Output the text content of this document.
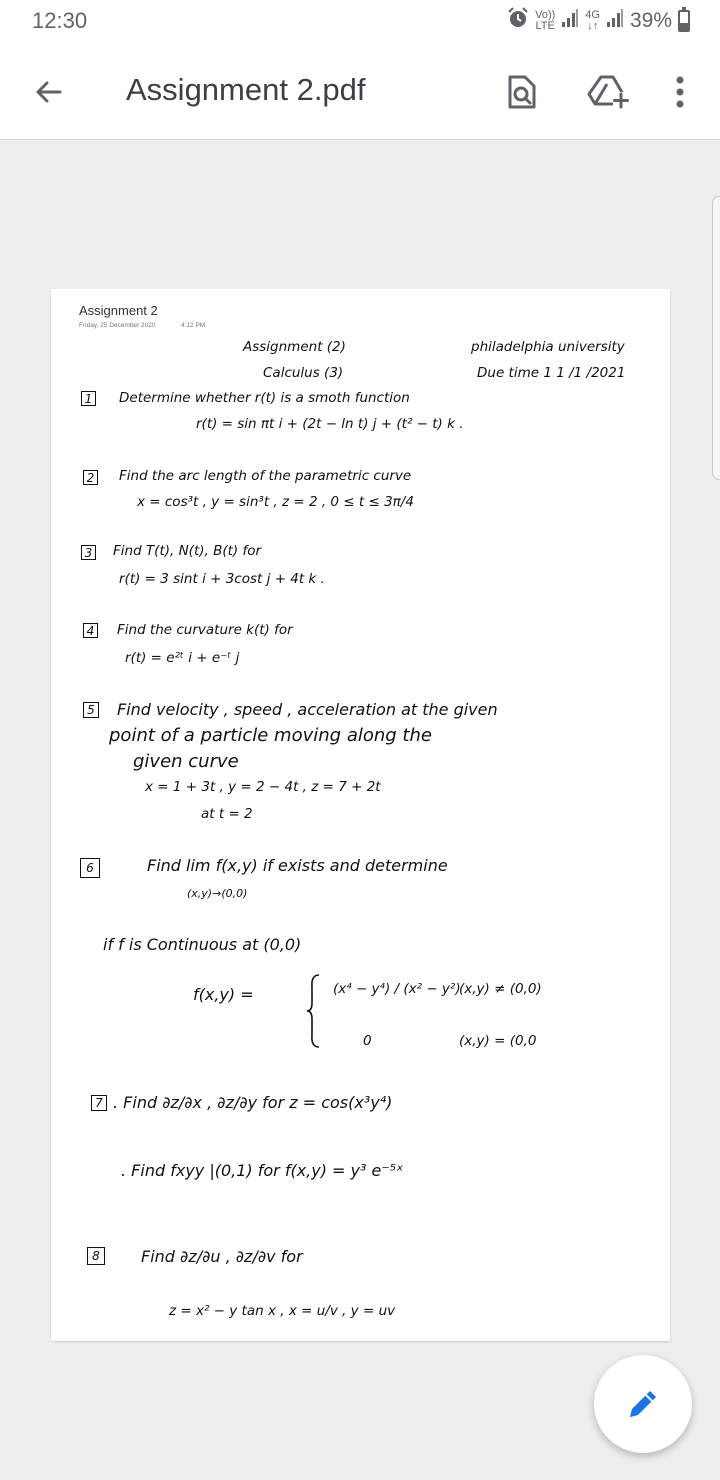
12:30	Vo))
LTE
4G
↓↑ 39%
Assignment 2.pdf
Assignment 2
Friday, 25 December 2020	4:12 PM
Assignment (2)
Calculus (3)
philadelphia university
Due time 1 1 /1 /2021
1 Determine whether r(t) is a smoth function
r(t) = sin πt i + (2t − ln t) j + (t² − t) k .
2 Find the arc length of the parametric curve
x = cos³t , y = sin³t , z = 2 , 0 ≤ t ≤ 3π/4
3 Find T(t), N(t), B(t) for
r(t) = 3 sint i + 3cost j + 4t k .
4 Find the curvature k(t) for
r(t) = e²ᵗ i + e⁻ᵗ j
5 Find velocity , speed , acceleration at the given
point of a particle moving along the
given curve
x = 1 + 3t , y = 2 − 4t , z = 7 + 2t
at t = 2
6	Find lim f(x,y) if exists and determine
(x,y)→(0,0)
if f is Continuous at (0,0)
f(x,y) =	(x⁴ − y⁴) / (x² − y²)
(x,y) ≠ (0,0)
0	(x,y) = (0,0
7 . Find ∂z/∂x , ∂z/∂y for z = cos(x³y⁴)
. Find fxyy |(0,1) for f(x,y) = y³ e⁻⁵ˣ
8	Find ∂z/∂u , ∂z/∂v for
z = x² − y tan x , x = u/v , y = uv
